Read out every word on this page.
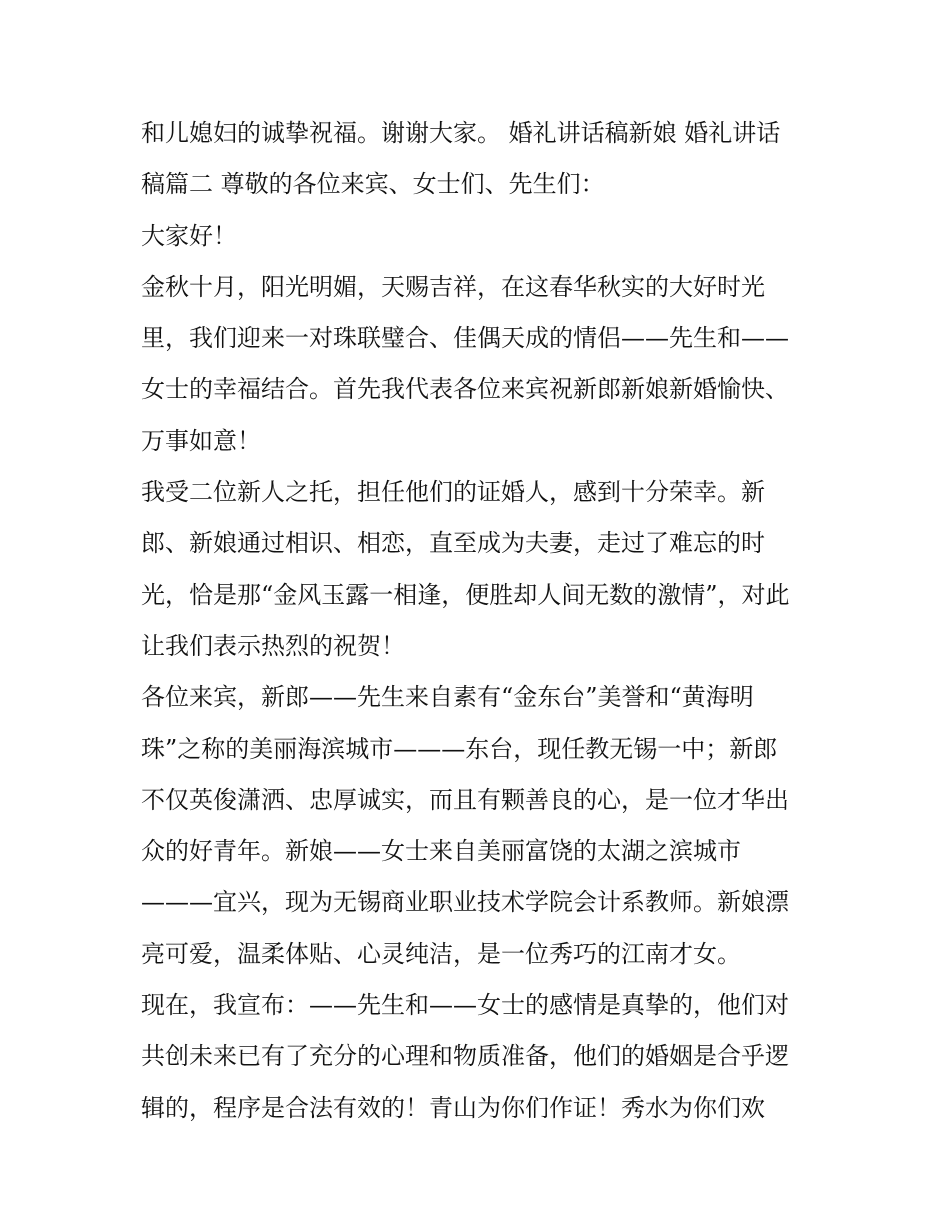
和儿媳妇的诚挚祝福。谢谢大家。 婚礼讲话稿新娘 婚礼讲话
稿篇二 尊敬的各位来宾、女士们、先生们：
大家好！
金秋十月，阳光明媚，天赐吉祥，在这春华秋实的大好时光
里，我们迎来一对珠联璧合、佳偶天成的情侣——先生和——
女士的幸福结合。首先我代表各位来宾祝新郎新娘新婚愉快、
万事如意！
我受二位新人之托，担任他们的证婚人，感到十分荣幸。新
郎、新娘通过相识、相恋，直至成为夫妻，走过了难忘的时
光，恰是那“金风玉露一相逢，便胜却人间无数的激情”，对此
让我们表示热烈的祝贺！
各位来宾，新郎——先生来自素有“金东台”美誉和“黄海明
珠”之称的美丽海滨城市———东台，现任教无锡一中；新郎
不仅英俊潇洒、忠厚诚实，而且有颗善良的心，是一位才华出
众的好青年。新娘——女士来自美丽富饶的太湖之滨城市
———宜兴，现为无锡商业职业技术学院会计系教师。新娘漂
亮可爱，温柔体贴、心灵纯洁，是一位秀巧的江南才女。
现在，我宣布：——先生和——女士的感情是真挚的，他们对
共创未来已有了充分的心理和物质准备，他们的婚姻是合乎逻
辑的，程序是合法有效的！青山为你们作证！秀水为你们欢
